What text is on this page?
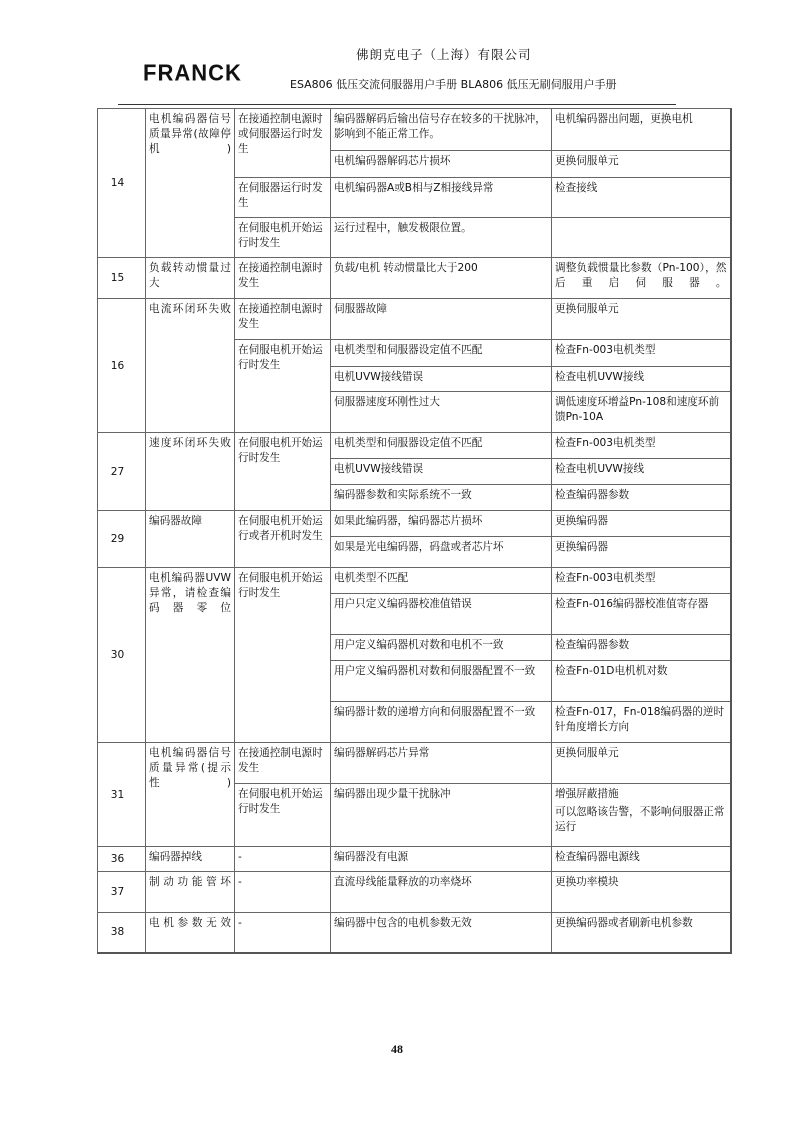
FRANCK
佛朗克电子（上海）有限公司
ESA806 低压交流伺服器用户手册 BLA806 低压无刷伺服用户手册
14	电机编码器信号质量异常(故障停机)	在接通控制电源时或伺服器运行时发生	编码器解码后输出信号存在较多的干扰脉冲，影响到不能正常工作。	电机编码器出问题，更换电机
			电机编码器解码芯片损坏	更换伺服单元
		在伺服器运行时发生	电机编码器A或B相与Z相接线异常	检查接线
		在伺服电机开始运行时发生	运行过程中，触发极限位置。	
15	负载转动惯量过大	在接通控制电源时发生	负载/电机 转动惯量比大于200	调整负载惯量比参数（Pn-100），然后重启伺服器。
16	电流环闭环失败	在接通控制电源时发生	伺服器故障	更换伺服单元
		在伺服电机开始运行时发生	电机类型和伺服器设定值不匹配	检查Fn-003电机类型
			电机UVW接线错误	检查电机UVW接线
			伺服器速度环刚性过大	调低速度环增益Pn-108和速度环前馈Pn-10A
27	速度环闭环失败	在伺服电机开始运行时发生	电机类型和伺服器设定值不匹配	检查Fn-003电机类型
			电机UVW接线错误	检查电机UVW接线
			编码器参数和实际系统不一致	检查编码器参数
29	编码器故障	在伺服电机开始运行或者开机时发生	如果此编码器，编码器芯片损坏	更换编码器
			如果是光电编码器，码盘或者芯片坏	更换编码器
30	电机编码器UVW异常，请检查编码器零位	在伺服电机开始运行时发生	电机类型不匹配	检查Fn-003电机类型
			用户只定义编码器校准值错误	检查Fn-016编码器校准值寄存器
			用户定义编码器机对数和电机不一致	检查编码器参数
			用户定义编码器机对数和伺服器配置不一致	检查Fn-01D电机机对数
			编码器计数的递增方向和伺服器配置不一致	检查Fn-017，Fn-018编码器的逆时针角度增长方向
31	电机编码器信号质量异常(提示性)	在接通控制电源时发生	编码器解码芯片异常	更换伺服单元
		在伺服电机开始运行时发生	编码器出现少量干扰脉冲	增强屏蔽措施
可以忽略该告警，不影响伺服器正常运行

36	编码器掉线	-	编码器没有电源	检查编码器电源线
37	制动功能管坏	-	直流母线能量释放的功率烧坏	更换功率模块
38	电机参数无效	-	编码器中包含的电机参数无效	更换编码器或者刷新电机参数
48
